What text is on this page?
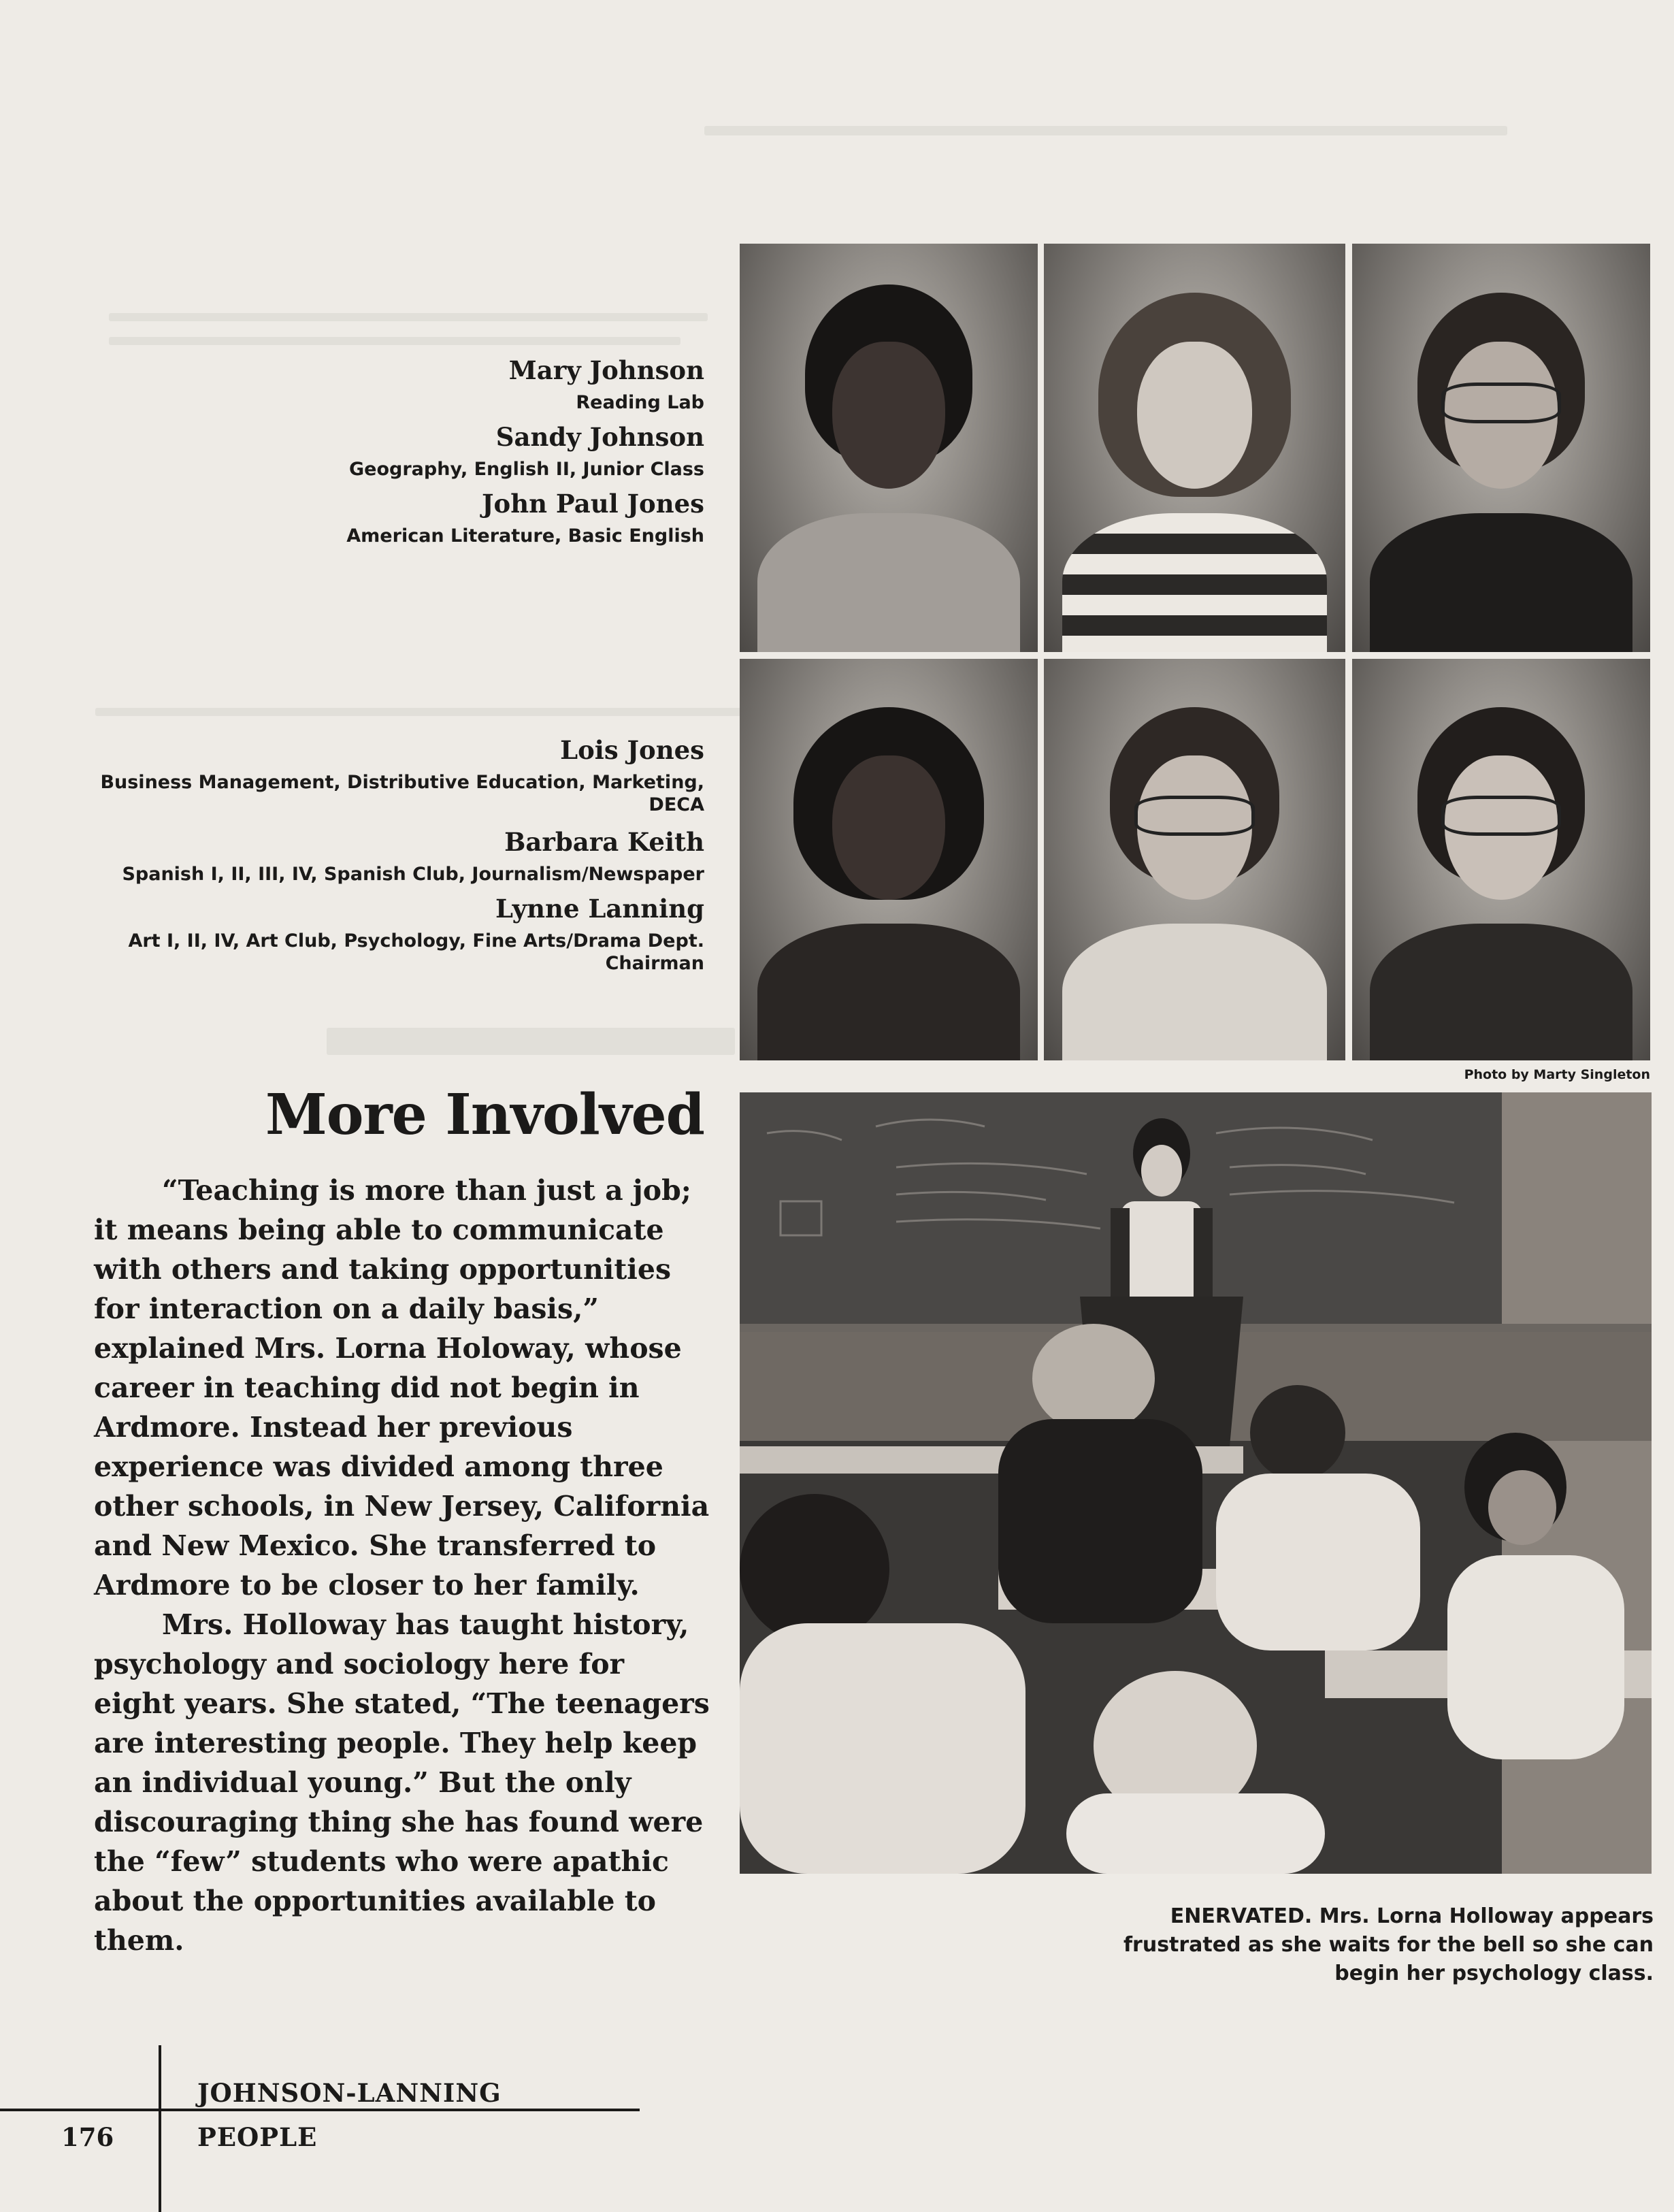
Mary Johnson
Reading Lab
Sandy Johnson
Geography, English II, Junior Class
John Paul Jones
American Literature, Basic English
Lois Jones
Business Management, Distributive Education, Marketing, DECA
Barbara Keith
Spanish I, II, III, IV, Spanish Club, Journalism/Newspaper
Lynne Lanning
Art I, II, IV, Art Club, Psychology, Fine Arts/Drama Dept. Chairman
Photo by Marty Singleton
More Involved

“Teaching is more than just a job; it means being able to communicate with others and taking opportunities for interaction on a daily basis,” explained Mrs. Lorna Holoway, whose career in teaching did not begin in Ardmore. Instead her previous experience was divided among three other schools, in New Jersey, California and New Mexico. She transferred to Ardmore to be closer to her family.

Mrs. Holloway has taught history, psychology and sociology here for eight years. She stated, “The teenagers are interesting people. They help keep an individual young.” But the only discouraging thing she has found were the “few” students who were apathic about the opportunities available to them.

ENERVATED. Mrs. Lorna Holloway appears frustrated as she waits for the bell so she can begin her psychology class.
176
JOHNSON-LANNING
PEOPLE
